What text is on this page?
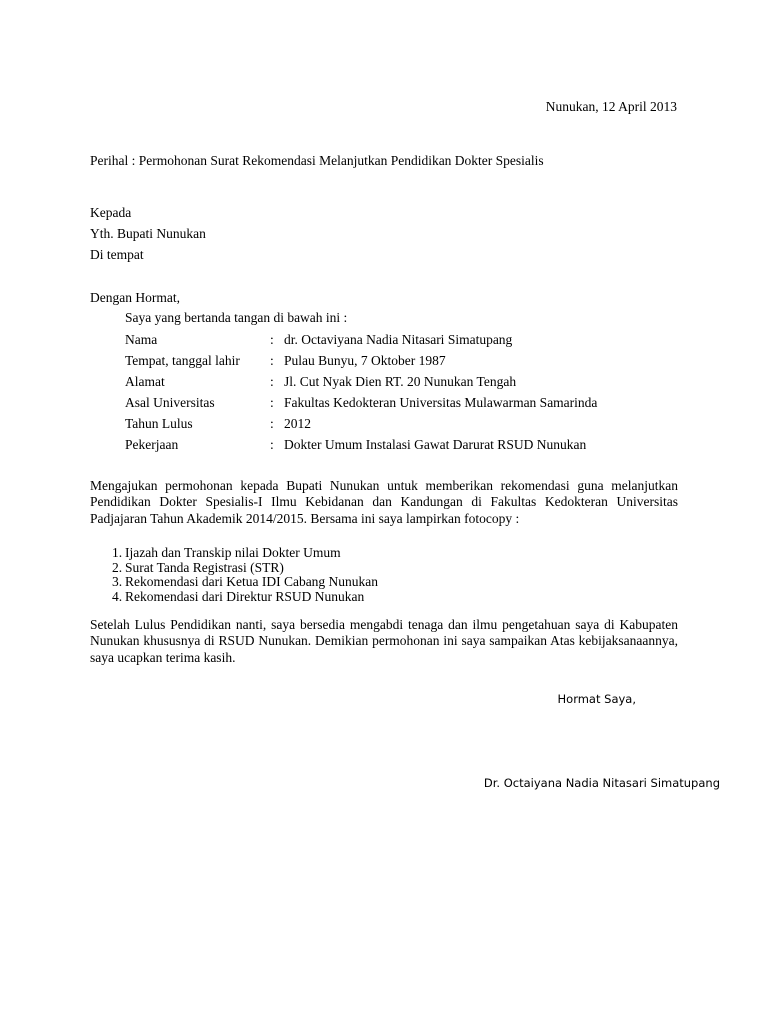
Nunukan, 12 April 2013
Perihal : Permohonan Surat Rekomendasi Melanjutkan Pendidikan Dokter Spesialis
Kepada
Yth. Bupati Nunukan
Di tempat
Dengan Hormat,
Saya yang bertanda tangan di bawah ini :
Nama	: dr. Octaviyana Nadia Nitasari Simatupang
Tempat, tanggal lahir	: Pulau Bunyu, 7 Oktober 1987
Alamat	: Jl. Cut Nyak Dien RT. 20 Nunukan Tengah
Asal Universitas	: Fakultas Kedokteran Universitas Mulawarman Samarinda
Tahun Lulus	: 2012
Pekerjaan	: Dokter Umum Instalasi Gawat Darurat RSUD Nunukan
Mengajukan permohonan kepada Bupati Nunukan untuk memberikan rekomendasi guna melanjutkan Pendidikan Dokter Spesialis-I Ilmu Kebidanan dan Kandungan di Fakultas Kedokteran Universitas Padjajaran Tahun Akademik 2014/2015. Bersama ini saya lampirkan fotocopy :
1. Ijazah dan Transkip nilai Dokter Umum
2. Surat Tanda Registrasi (STR)
3. Rekomendasi dari Ketua IDI Cabang Nunukan
4. Rekomendasi dari Direktur RSUD Nunukan
Setelah Lulus Pendidikan nanti, saya bersedia mengabdi tenaga dan ilmu pengetahuan saya di Kabupaten Nunukan khususnya di RSUD Nunukan. Demikian permohonan ini saya sampaikan Atas kebijaksanaannya, saya ucapkan terima kasih.
Hormat Saya,
Dr. Octaiyana Nadia Nitasari Simatupang
